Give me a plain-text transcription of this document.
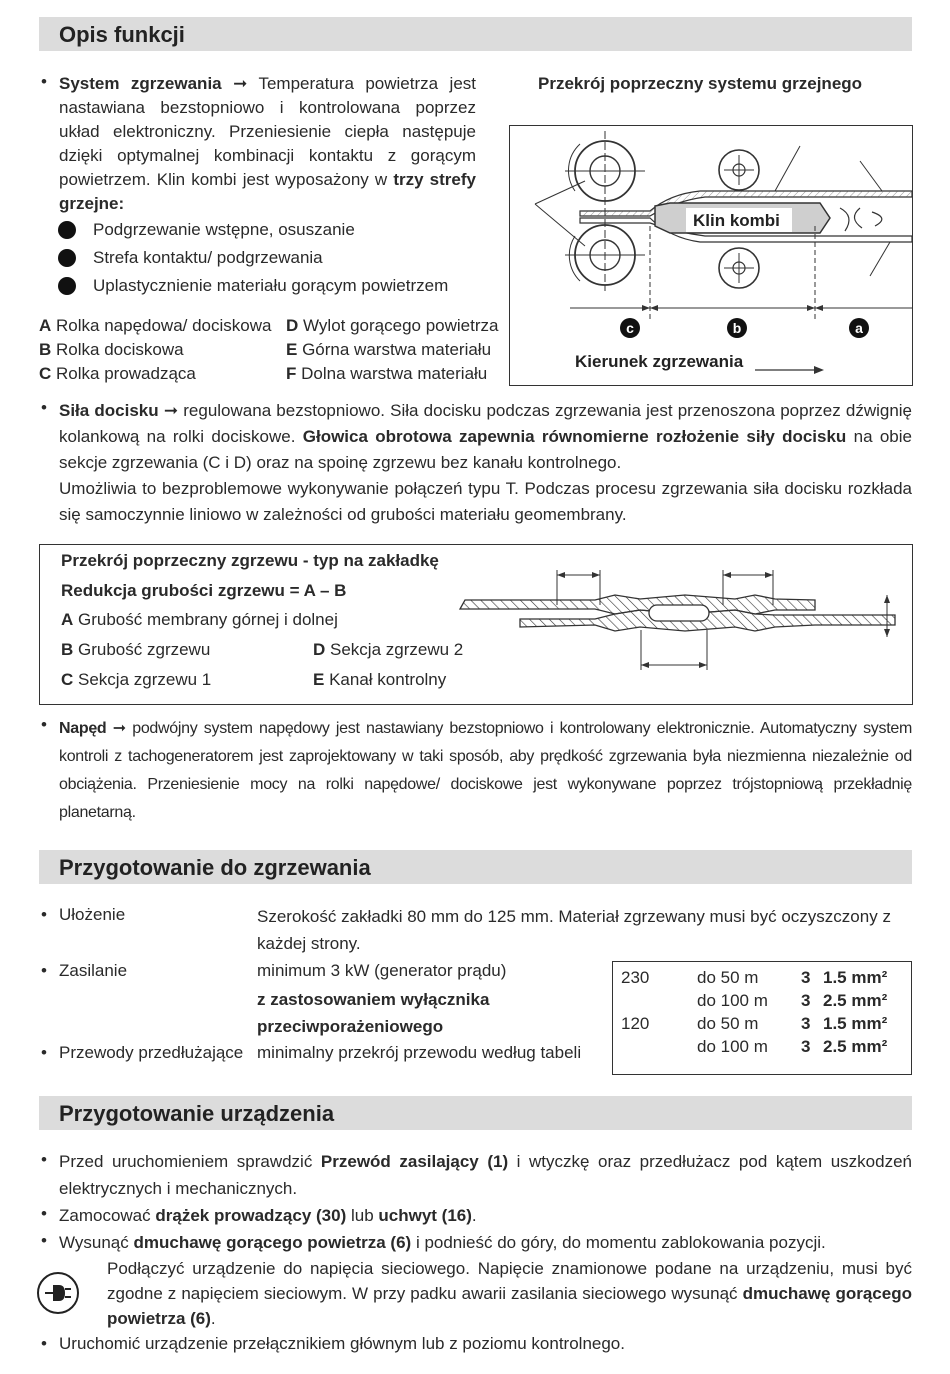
Opis funkcji
• System zgrzewania ➞ Temperatura powietrza jest nastawiana bezstopniowo i kontrolowana poprzez układ elektroniczny. Przeniesienie ciepła następuje dzięki optymalnej kombinacji kontaktu z gorącym powietrzem. Klin kombi jest wyposażony w trzy strefy grzejne:
Podgrzewanie wstępne, osuszanie
Strefa kontaktu/ podgrzewania
Uplastycznienie materiału gorącym powietrzem
A Rolka napędowa/ dociskowa
B Rolka dociskowa
C Rolka prowadząca
D Wylot gorącego powietrza
E Górna warstwa materiału
F Dolna warstwa materiału
Przekrój poprzeczny systemu grzejnego
Klin kombi
c	b	a
Kierunek zgrzewania
• Siła docisku ➞ regulowana bezstopniowo. Siła docisku podczas zgrzewania jest przenoszona poprzez dźwignię kolankową na rolki dociskowe. Głowica obrotowa zapewnia równomierne rozłożenie siły docisku na obie sekcje zgrzewania (C i D) oraz na spoinę zgrzewu bez kanału kontrolnego.
Umożliwia to bezproblemowe wykonywanie połączeń typu T. Podczas procesu zgrzewania siła docisku rozkłada się samoczynnie liniowo w zależności od grubości materiału geomembrany.
Przekrój poprzeczny zgrzewu - typ na zakładkę
Redukcja grubości zgrzewu = A – B
A Grubość membrany górnej i dolnej
B Grubość zgrzewu
C Sekcja zgrzewu 1
D Sekcja zgrzewu 2
E Kanał kontrolny
• Napęd ➞ podwójny system napędowy jest nastawiany bezstopniowo i kontrolowany elektronicznie. Automatyczny system kontroli z tachogeneratorem jest zaprojektowany w taki sposób, aby prędkość zgrzewania była niezmienna niezależnie od obciążenia. Przeniesienie mocy na rolki napędowe/ dociskowe jest wykonywane poprzez trójstopniową przekładnię planetarną.
Przygotowanie do zgrzewania
• Ułożenie	Szerokość zakładki 80 mm do 125 mm. Materiał zgrzewany musi być oczyszczony z każdej strony.
• Zasilanie	minimum 3 kW (generator prądu)
z zastosowaniem wyłącznika przeciwporażeniowego
• Przewody przedłużające minimalny przekrój przewodu według tabeli
230	do 50 m	3	1.5 mm²
	do 100 m	3	2.5 mm²
120	do 50 m	3	1.5 mm²
	do 100 m	3	2.5 mm²
Przygotowanie urządzenia
• Przed uruchomieniem sprawdzić Przewód zasilający (1) i wtyczkę oraz przedłużacz pod kątem uszkodzeń elektrycznych i mechanicznych.
• Zamocować drążek prowadzący (30) lub uchwyt (16).
• Wysunąć dmuchawę gorącego powietrza (6) i podnieść do góry, do momentu zablokowania pozycji.
Podłączyć urządzenie do napięcia sieciowego. Napięcie znamionowe podane na urządzeniu, musi być zgodne z napięciem sieciowym. W przy padku awarii zasilania sieciowego wysunąć dmuchawę gorącego powietrza (6).
• Uruchomić urządzenie przełącznikiem głównym lub z poziomu kontrolnego.
